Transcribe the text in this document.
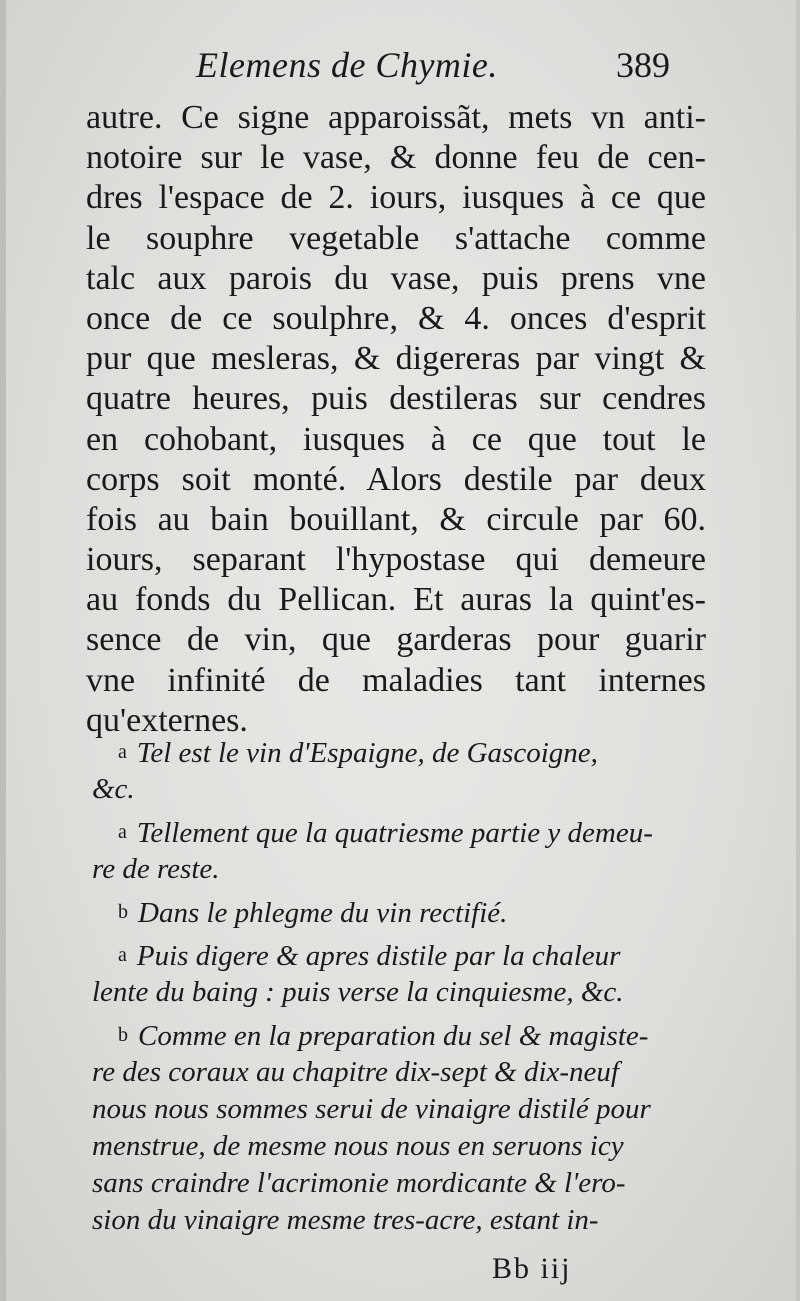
Elemens de Chymie.	389
autre. Ce signe apparoissãt, mets vn anti-
notoire sur le vase, & donne feu de cen-
dres l'espace de 2. iours, iusques à ce que
le souphre vegetable s'attache comme
talc aux parois du vase, puis prens vne
once de ce soulphre, & 4. onces d'esprit
pur que mesleras, & digereras par vingt &
quatre heures, puis destileras sur cendres
en cohobant, iusques à ce que tout le
corps soit monté. Alors destile par deux
fois au bain bouillant, & circule par 60.
iours, separant l'hypostase qui demeure
au fonds du Pellican. Et auras la quint'es-
sence de vin, que garderas pour guarir
vne infinité de maladies tant internes
qu'externes.
a Tel est le vin d'Espaigne, de Gascoigne,
&c.
a Tellement que la quatriesme partie y demeu-
re de reste.
b Dans le phlegme du vin rectifié.
a Puis digere & apres distile par la chaleur
lente du baing : puis verse la cinquiesme, &c.
b Comme en la preparation du sel & magiste-
re des coraux au chapitre dix-sept & dix-neuf
nous nous sommes serui de vinaigre distilé pour
menstrue, de mesme nous nous en seruons icy
sans craindre l'acrimonie mordicante & l'ero-
sion du vinaigre mesme tres-acre, estant in-
Bb iij
